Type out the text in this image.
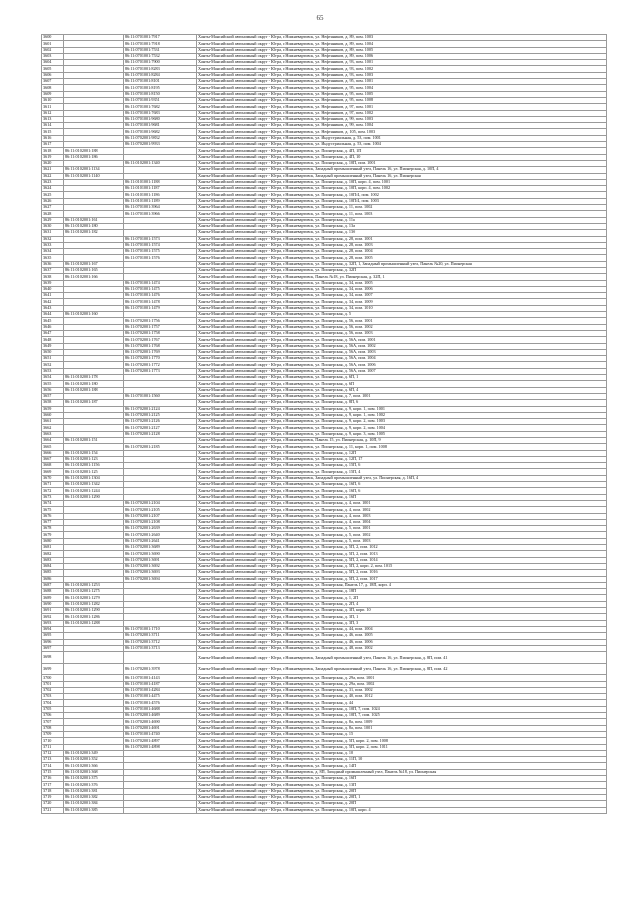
65
3600		86:11:0701001:7917	Ханты-Мансийский автономный округ - Югра, г.Нижневартовск, ул. Нефтяников, д. 89, пом. 1003
3601		86:11:0701001:7918	Ханты-Мансийский автономный округ - Югра, г.Нижневартовск, ул. Нефтяников, д. 89, пом. 1004
3602		86:11:0701001:7531	Ханты-Мансийский автономный округ - Югра, г.Нижневартовск, ул. Нефтяников, д. 89, пом. 1005
3603		86:11:0701001:7532	Ханты-Мансийский автономный округ - Югра, г.Нижневартовск, ул. Нефтяников, д. 89, пом. 1006
3604		86:11:0701001:7900	Ханты-Мансийский автономный округ - Югра, г.Нижневартовск, ул. Нефтяников, д. 93, пом. 1001
3605		86:11:0701001:8283	Ханты-Мансийский автономный округ - Югра, г.Нижневартовск, ул. Нефтяников, д. 93, пом. 1002
3606		86:11:0701001:8284	Ханты-Мансийский автономный округ - Югра, г.Нижневартовск, ул. Нефтяников, д. 93, пом. 1003
3607		86:11:0701001:8101	Ханты-Мансийский автономный округ - Югра, г.Нижневартовск, ул. Нефтяников, д. 95, пом. 1001
3608		86:11:0701001:8195	Ханты-Мансийский автономный округ - Югра, г.Нижневартовск, ул. Нефтяников, д. 95, пом. 1004
3609		86:11:0701001:8150	Ханты-Мансийский автономный округ - Югра, г.Нижневартовск, ул. Нефтяников, д. 95, пом. 1005
3610		86:11:0701001:9351	Ханты-Мансийский автономный округ - Югра, г.Нижневартовск, ул. Нефтяников, д. 95, пом. 1008
3611		86:11:0701001:7682	Ханты-Мансийский автономный округ - Югра, г.Нижневартовск, ул. Нефтяников, д. 97, пом. 1001
3612		86:11:0701001:7683	Ханты-Мансийский автономный округ - Югра, г.Нижневартовск, ул. Нефтяников, д. 97, пом. 1002
3613		86:11:0701001:9680	Ханты-Мансийский автономный округ - Югра, г.Нижневартовск, ул. Нефтяников, д. 99, пом. 1003
3614		86:11:0701001:9681	Ханты-Мансийский автономный округ - Югра, г.Нижневартовск, ул. Нефтяников, д. 99, пом. 1004
3615		86:11:0701001:9682	Ханты-Мансийский автономный округ - Югра, г.Нижневартовск, ул. Нефтяников, д. 105, пом. 1003
3616		86:11:0702001:9832	Ханты-Мансийский автономный округ - Югра, г.Нижневартовск, ул. Индустриальная, д. 53, пом. 1001
3617		86:11:0702001:9933	Ханты-Мансийский автономный округ - Югра, г.Нижневартовск, ул. Индустриальная, д. 53, пом. 1004
3618	86:11:0102001:188		Ханты-Мансийский автономный округ - Югра, г.Нижневартовск, ул. Пионерская, д. 4П, 1П
3619	86:11:0102001:186		Ханты-Мансийский автономный округ - Югра, г.Нижневартовск, ул. Пионерская, д. 4П, 10
3620		86:11:0102001:1340	Ханты-Мансийский автономный округ - Югра, г.Нижневартовск, ул. Пионерская, д. 10П, пом. 1001
3621	86:11:0102001:1134		Ханты-Мансийский автономный округ - Югра, г.Нижневартовск, Западный промышленный узел, Панель 16, ул. Пионерская, д. 10П, 4
3622	86:11:0102001:1140		Ханты-Мансийский автономный округ - Югра, г.Нижневартовск, Западный промышленный узел, Панель 16, ул. Пионерская
3623		86:11:0101001:1188	Ханты-Мансийский автономный округ - Югра, г.Нижневартовск, ул. Пионерская, д. 10П, корп. 4, пом. 1001
3624		86:11:0101001:1187	Ханты-Мансийский автономный округ - Югра, г.Нижневартовск, ул. Пионерская, д. 10П, корп. 4, пом. 1002
3625		86:11:0101001:1186	Ханты-Мансийский автономный округ - Югра, г.Нижневартовск, ул. Пионерская, д. 10П/4, пом. 1002
3626		86:11:0101001:1189	Ханты-Мансийский автономный округ - Югра, г.Нижневартовск, ул. Пионерская, д. 10П/4, пом. 1003
3627		86:11:0701001:3964	Ханты-Мансийский автономный округ - Югра, г.Нижневартовск, ул. Пионерская, д. 11, пом. 1002
3628		86:11:0701001:3966	Ханты-Мансийский автономный округ - Югра, г.Нижневартовск, ул. Пионерская, д. 11, пом. 1003
3629	86:11:0102001:161		Ханты-Мансийский автономный округ - Югра, г.Нижневартовск, ул. Пионерская, д. 11а
3630	86:11:0102001:180		Ханты-Мансийский автономный округ - Югра, г.Нижневартовск, ул. Пионерская, д. 13а
3631	86:11:0102001:182		Ханты-Мансийский автономный округ - Югра, г.Нижневартовск, ул. Пионерская, д. 13б
3632		86:11:0701001:1573	Ханты-Мансийский автономный округ - Югра, г.Нижневартовск, ул. Пионерская, д. 28, пом. 1001
3633		86:11:0701001:1574	Ханты-Мансийский автономный округ - Югра, г.Нижневартовск, ул. Пионерская, д. 28, пом. 1003
3634		86:11:0701001:1575	Ханты-Мансийский автономный округ - Югра, г.Нижневартовск, ул. Пионерская, д. 28, пом. 1004
3635		86:11:0701001:1576	Ханты-Мансийский автономный округ - Югра, г.Нижневартовск, ул. Пионерская, д. 28, пом. 1005
3636	86:11:0102001:167		Ханты-Мансийский автономный округ - Югра, г.Нижневартовск, ул. Пионерская, д. 32П, 1, Западный промышленный узел, Панель №20, ул. Пионерская
3637	86:11:0102001:165		Ханты-Мансийский автономный округ - Югра, г.Нижневартовск, ул. Пионерская, д. 32П
3638	86:11:0102001:166		Ханты-Мансийский автономный округ - Югра, г.Нижневартовск, Панель №18, ул. Пионерская, д. 32П, 1
3639		86:11:0701001:1474	Ханты-Мансийский автономный округ - Югра, г.Нижневартовск, ул. Пионерская, д. 34, пом. 1005
3640		86:11:0701001:1475	Ханты-Мансийский автономный округ - Югра, г.Нижневартовск, ул. Пионерская, д. 34, пом. 1006
3641		86:11:0701001:1476	Ханты-Мансийский автономный округ - Югра, г.Нижневартовск, ул. Пионерская, д. 34, пом. 1007
3642		86:11:0701001:1478	Ханты-Мансийский автономный округ - Югра, г.Нижневартовск, ул. Пионерская, д. 34, пом. 1009
3643		86:11:0701001:1479	Ханты-Мансийский автономный округ - Югра, г.Нижневартовск, ул. Пионерская, д. 34, пом. 1010
3644	86:11:0102001:160		Ханты-Мансийский автономный округ - Югра, г.Нижневартовск, ул. Пионерская, д. 5
3645		86:11:0702001:1756	Ханты-Мансийский автономный округ - Югра, г.Нижневартовск, ул. Пионерская, д. 56, пом. 1001
3646		86:11:0702001:1757	Ханты-Мансийский автономный округ - Югра, г.Нижневартовск, ул. Пионерская, д. 56, пом. 1002
3647		86:11:0702001:1758	Ханты-Мансийский автономный округ - Югра, г.Нижневартовск, ул. Пионерская, д. 56, пом. 1003
3648		86:11:0702001:1767	Ханты-Мансийский автономный округ - Югра, г.Нижневартовск, ул. Пионерская, д. 56А, пом. 1001
3649		86:11:0702001:1768	Ханты-Мансийский автономный округ - Югра, г.Нижневартовск, ул. Пионерская, д. 56А, пом. 1002
3650		86:11:0702001:1769	Ханты-Мансийский автономный округ - Югра, г.Нижневартовск, ул. Пионерская, д. 56А, пом. 1003
3651		86:11:0702001:1770	Ханты-Мансийский автономный округ - Югра, г.Нижневартовск, ул. Пионерская, д. 56А, пом. 1004
3652		86:11:0702001:1772	Ханты-Мансийский автономный округ - Югра, г.Нижневартовск, ул. Пионерская, д. 56А, пом. 1006
3653		86:11:0702001:1773	Ханты-Мансийский автономный округ - Югра, г.Нижневартовск, ул. Пионерская, д. 56А, пом. 1007
3654	86:11:0102001:178		Ханты-Мансийский автономный округ - Югра, г.Нижневартовск, ул. Пионерская, д. 6П, 1
3655	86:11:0102001:180		Ханты-Мансийский автономный округ - Югра, г.Нижневартовск, ул. Пионерская, д. 6П
3656	86:11:0102001:188		Ханты-Мансийский автономный округ - Югра, г.Нижневартовск, ул. Пионерская, д. 6П, 4
3657		86:11:0701001:1560	Ханты-Мансийский автономный округ - Югра, г.Нижневартовск, ул. Пионерская, д. 7, пом. 1001
3658	86:11:0102001:187		Ханты-Мансийский автономный округ - Югра, г.Нижневартовск, ул. Пионерская, д. 8П, 6
3659		86:11:0702001:2124	Ханты-Мансийский автономный округ - Югра, г.Нижневартовск, ул. Пионерская, д. 9, корп. 1, пом. 1001
3660		86:11:0702001:2125	Ханты-Мансийский автономный округ - Югра, г.Нижневартовск, ул. Пионерская, д. 9, корп. 1, пом. 1002
3661		86:11:0702001:2126	Ханты-Мансийский автономный округ - Югра, г.Нижневартовск, ул. Пионерская, д. 9, корп. 2, пом. 1003
3662		86:11:0702001:2127	Ханты-Мансийский автономный округ - Югра, г.Нижневартовск, ул. Пионерская, д. 9, корп. 2, пом. 1004
3663		86:11:0702001:2128	Ханты-Мансийский автономный округ - Югра, г.Нижневартовск, ул. Пионерская, д. 9, корп. 3, пом. 1005
3664	86:11:0102001:151		Ханты-Мансийский автономный округ - Югра, г.Нижневартовск, Панель 15, ул. Пионерская, д. 10П, 9
3665		86:11:0702001:2185	Ханты-Мансийский автономный округ - Югра, г.Нижневартовск, ул. Пионерская, д. 11, корп. 1, пом. 1008
3666	86:11:0102001:154		Ханты-Мансийский автономный округ - Югра, г.Нижневартовск, ул. Пионерская, д. 12П
3667	86:11:0102001:123		Ханты-Мансийский автономный округ - Югра, г.Нижневартовск, ул. Пионерская, д. 12П, 17
3668	86:11:0102001:1156		Ханты-Мансийский автономный округ - Югра, г.Нижневартовск, ул. Пионерская, д. 15П, 6
3669	86:11:0102001:125		Ханты-Мансийский автономный округ - Югра, г.Нижневартовск, ул. Пионерская, д. 15П, 4
3670	86:11:0102001:1304		Ханты-Мансийский автономный округ - Югра, г.Нижневартовск, Западный промышленный узел, ул. Пионерская, д. 16П, 4
3671	86:11:0102001:1342		Ханты-Мансийский автономный округ - Югра, г.Нижневартовск, ул. Пионерская, д. 16П, 6
3672	86:11:0102001:1244		Ханты-Мансийский автономный округ - Югра, г.Нижневартовск, ул. Пионерская, д. 16П, 6
3673	86:11:0102001:1290		Ханты-Мансийский автономный округ - Югра, г.Нижневартовск, ул. Пионерская, д. 16П
3674		86:11:0702001:2104	Ханты-Мансийский автономный округ - Югра, г.Нижневартовск, ул. Пионерская, д. 4, пом. 1001
3675		86:11:0702001:2105	Ханты-Мансийский автономный округ - Югра, г.Нижневартовск, ул. Пионерская, д. 4, пом. 1002
3676		86:11:0702001:2107	Ханты-Мансийский автономный округ - Югра, г.Нижневартовск, ул. Пионерская, д. 4, пом. 1003
3677		86:11:0702001:2108	Ханты-Мансийский автономный округ - Югра, г.Нижневартовск, ул. Пионерская, д. 4, пом. 1004
3678		86:11:0702001:2639	Ханты-Мансийский автономный округ - Югра, г.Нижневартовск, ул. Пионерская, д. 5, пом. 1001
3679		86:11:0702001:2640	Ханты-Мансийский автономный округ - Югра, г.Нижневартовск, ул. Пионерская, д. 5, пом. 1002
3680		86:11:0702001:2641	Ханты-Мансийский автономный округ - Югра, г.Нижневартовск, ул. Пионерская, д. 5, пом. 1003
3681		86:11:0702001:3689	Ханты-Мансийский автономный округ - Югра, г.Нижневартовск, ул. Пионерская, д. 5П, 2, пом. 1012
3682		86:11:0702001:3690	Ханты-Мансийский автономный округ - Югра, г.Нижневартовск, ул. Пионерская, д. 5П, 2, пом. 1013
3683		86:11:0702001:3691	Ханты-Мансийский автономный округ - Югра, г.Нижневартовск, ул. Пионерская, д. 5П, 2, пом. 1014
3684		86:11:0702001:3692	Ханты-Мансийский автономный округ - Югра, г.Нижневартовск, ул. Пионерская, д. 5П, 2, корп. 2, пом. 1015
3685		86:11:0702001:3693	Ханты-Мансийский автономный округ - Югра, г.Нижневартовск, ул. Пионерская, д. 5П, 2, пом. 1016
3686		86:11:0702001:3694	Ханты-Мансийский автономный округ - Югра, г.Нижневартовск, ул. Пионерская, д. 5П, 2, пом. 1017
3687	86:11:0102001:1253		Ханты-Мансийский автономный округ - Югра, г.Нижневартовск, ул. Пионерская, Панель 17, д. 18П, корп. 4
3688	86:11:0102001:1275		Ханты-Мансийский автономный округ - Югра, г.Нижневартовск, ул. Пионерская, д. 18П
3689	86:11:0102001:1279		Ханты-Мансийский автономный округ - Югра, г.Нижневартовск, ул. Пионерская, д. 1, 2П
3690	86:11:0102001:1282		Ханты-Мансийский автономный округ - Югра, г.Нижневартовск, ул. Пионерская, д. 2П, 4
3691	86:11:0102001:1290		Ханты-Мансийский автономный округ - Югра, г.Нижневартовск, ул. Пионерская, д. 3П, корп. 10
3692	86:11:0102001:1286		Ханты-Мансийский автономный округ - Югра, г.Нижневартовск, ул. Пионерская, д. 3П, 1
3693	86:11:0102001:1288		Ханты-Мансийский автономный округ - Югра, г.Нижневартовск, ул. Пионерская, д. 3П, 3
3694		86:11:0701001:1710	Ханты-Мансийский автономный округ - Югра, г.Нижневартовск, ул. Пионерская, д. 44, пом. 1004
3695		86:11:0702001:3711	Ханты-Мансийский автономный округ - Югра, г.Нижневартовск, ул. Пионерская, д. 46, пом. 1005
3696		86:11:0702001:3712	Ханты-Мансийский автономный округ - Югра, г.Нижневартовск, ул. Пионерская, д. 46, пом. 1006
3697		86:11:0701001:3713	Ханты-Мансийский автономный округ - Югра, г.Нижневартовск, ул. Пионерская, д. 48, пом. 1002
3698			Ханты-Мансийский автономный округ - Югра, г.Нижневартовск, Западный промышленный узел, Панель 16, ул. Пионерская, д. 8П, пом. 41
3699		86:11:0702001:3978	Ханты-Мансийский автономный округ - Югра, г.Нижневартовск, Западный промышленный узел, Панель 16, ул. Пионерская, д. 8П, пом. 42
3700		86:11:0701001:4143	Ханты-Мансийский автономный округ - Югра, г.Нижневартовск, ул. Пионерская, д. 29а, пом. 1001
3701		86:11:0701001:4187	Ханты-Мансийский автономный округ - Югра, г.Нижневартовск, ул. Пионерская, д. 29а, пом. 1002
3702		86:11:0701001:4284	Ханты-Мансийский автономный округ - Югра, г.Нижневартовск, ул. Пионерская, д. 31, пом. 1002
3703		86:11:0701001:4475	Ханты-Мансийский автономный округ - Югра, г.Нижневартовск, ул. Пионерская, д. 40, пом. 1012
3704		86:11:0701001:4576	Ханты-Мансийский автономный округ - Югра, г.Нижневартовск, ул. Пионерская, д. 44
3705		86:11:0701001:4688	Ханты-Мансийский автономный округ - Югра, г.Нижневартовск, ул. Пионерская, д. 10П, 7, пом. 1024
3706		86:11:0702001:4689	Ханты-Мансийский автономный округ - Югра, г.Нижневартовск, ул. Пионерская, д. 10П, 7, пом. 1025
3707		86:11:0702001:4690	Ханты-Мансийский автономный округ - Югра, г.Нижневартовск, ул. Пионерская, д. 8а, пом. 1009
3708		86:11:0702001:4691	Ханты-Мансийский автономный округ - Югра, г.Нижневартовск, ул. Пионерская, д. 8а, пом. 1001
3709		86:11:0701001:4740	Ханты-Мансийский автономный округ - Югра, г.Нижневартовск, ул. Пионерская, д. 15
3710		86:11:0702001:4897	Ханты-Мансийский автономный округ - Югра, г.Нижневартовск, ул. Пионерская, д. 5П, корп. 2, пом. 1008
3711		86:11:0702001:4898	Ханты-Мансийский автономный округ - Югра, г.Нижневартовск, ул. Пионерская, д. 5П, корп. 2, пом. 1011
3712	86:11:0102001:349		Ханты-Мансийский автономный округ - Югра, г.Нижневартовск, ул. Пионерская, д. 10
3713	86:11:0102001:352		Ханты-Мансийский автономный округ - Югра, г.Нижневартовск, ул. Пионерская, д. 11П, 10
3714	86:11:0102001:366		Ханты-Мансийский автономный округ - Югра, г.Нижневартовск, ул. Пионерская, д. 14П
3715	86:11:0102001:368		Ханты-Мансийский автономный округ - Югра, г.Нижневартовск, д. 8П, Западный промышленный узел, Панель №18, ул. Пионерская
3716	86:11:0102001:375		Ханты-Мансийский автономный округ - Югра, г.Нижневартовск, ул. Пионерская, д. 16П
3717	86:11:0102001:376		Ханты-Мансийский автономный округ - Югра, г.Нижневартовск, ул. Пионерская, д. 13П
3718	86:11:0102001:381		Ханты-Мансийский автономный округ - Югра, г.Нижневартовск, ул. Пионерская, д. 20П
3719	86:11:0102001:382		Ханты-Мансийский автономный округ - Югра, г.Нижневартовск, ул. Пионерская, д. 20П, 1
3720	86:11:0102001:384		Ханты-Мансийский автономный округ - Югра, г.Нижневартовск, ул. Пионерская, д. 20П
3721	86:11:0102001:385		Ханты-Мансийский автономный округ - Югра, г.Нижневартовск, ул. Пионерская, д. 10П, корп. 4
